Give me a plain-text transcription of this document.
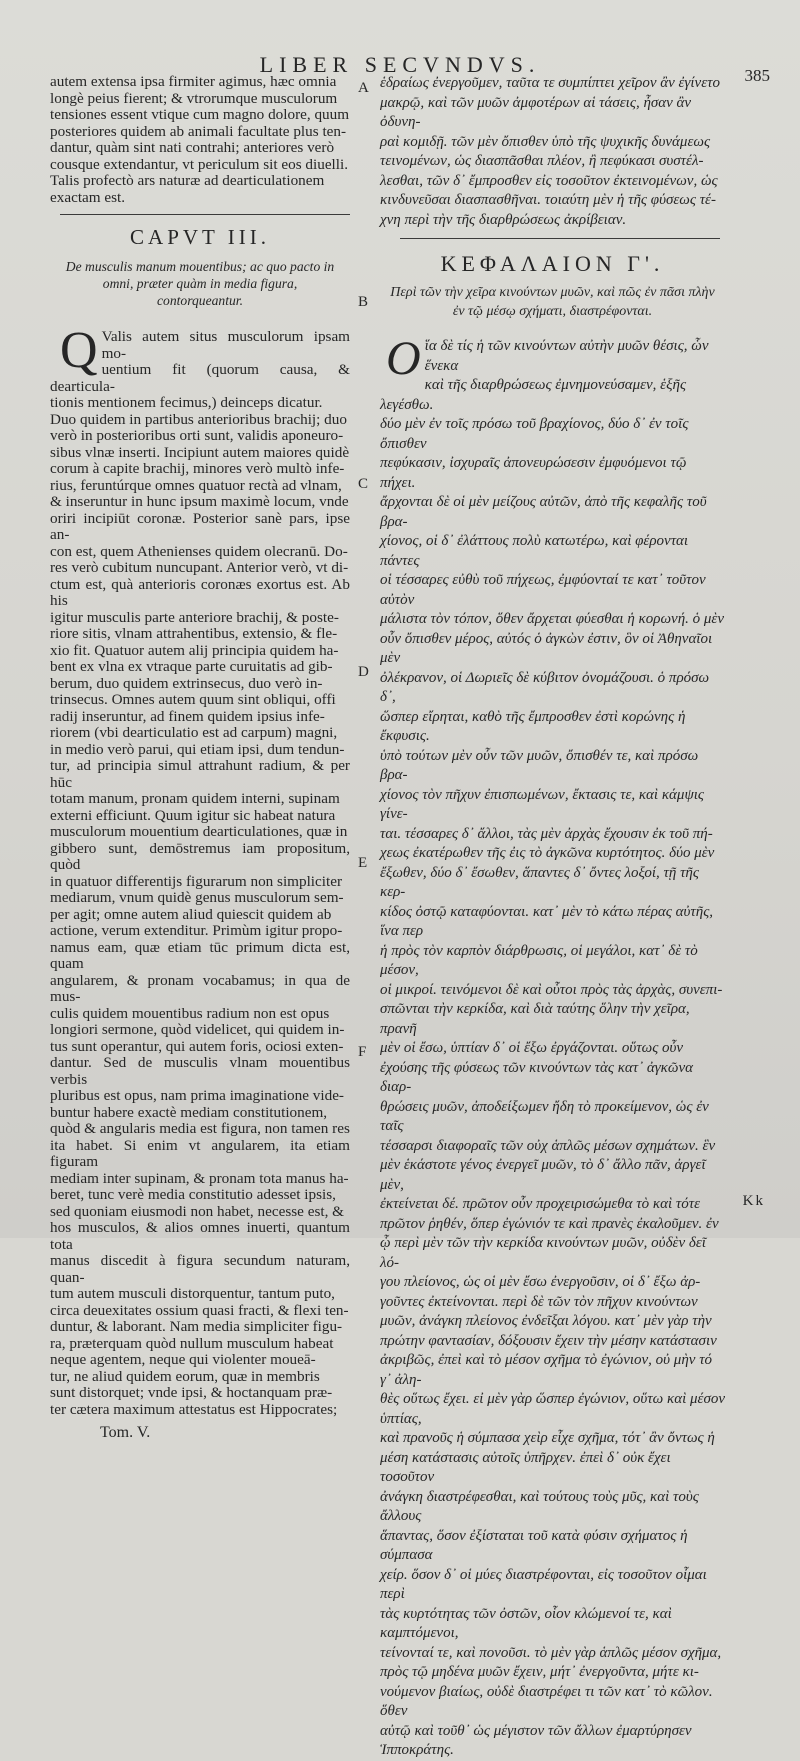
LIBER SECVNDVS.	385
A
B
C
D
E
F

autem extensa ipsa firmiter agimus, hæc omnia
longè peius fierent; & vtrorumque musculorum
tensiones essent vtique cum magno dolore, quum
posteriores quidem ab animali facultate plus ten-
dantur, quàm sint nati contrahi; anteriores verò
cousque extendantur, vt periculum sit eos diuelli.
Talis profectò ars naturæ ad dearticulationem
exactam est.

CAPVT III.
De musculis manum mouentibus; ac quo pacto in
omni, præter quàm in media figura,
contorqueantur.
Q Valis autem situs musculorum ipsam mo-
uentium fit (quorum causa, & dearticula-
tionis mentionem fecimus,) deinceps dicatur.
Duo quidem in partibus anterioribus brachij; duo
verò in posterioribus orti sunt, validis aponeuro-
sibus vlnæ inserti. Incipiunt autem maiores quidè
corum à capite brachij, minores verò multò infe-
rius, feruntúrque omnes quatuor rectà ad vlnam,
& inseruntur in hunc ipsum maximè locum, vnde
oriri incipiūt coronæ. Posterior sanè pars, ipse an-
con est, quem Athenienses quidem olecranū. Do-
res verò cubitum nuncupant. Anterior verò, vt di-
ctum est, quà anterioris coronæs exortus est. Ab his
igitur musculis parte anteriore brachij, & poste-
riore sitis, vlnam attrahentibus, extensio, & fle-
xio fit. Quatuor autem alij principia quidem ha-
bent ex vlna ex vtraque parte curuitatis ad gib-
berum, duo quidem extrinsecus, duo verò in-
trinsecus. Omnes autem quum sint obliqui, offi
radij inseruntur, ad finem quidem ipsius infe-
riorem (vbi dearticulatio est ad carpum) magni,
in medio verò parui, qui etiam ipsi, dum tendun-
tur, ad principia simul attrahunt radium, & per hūc
totam manum, pronam quidem interni, supinam
externi efficiunt. Quum igitur sic habeat natura
musculorum mouentium dearticulationes, quæ in
gibbero sunt, demōstremus iam propositum, quòd
in quatuor differentijs figurarum non simpliciter
mediarum, vnum quidè genus musculorum sem-
per agit; omne autem aliud quiescit quidem ab
actione, verum extenditur. Primùm igitur propo-
namus eam, quæ etiam tūc primum dicta est, quam
angularem, & pronam vocabamus; in qua de mus-
culis quidem mouentibus radium non est opus
longiori sermone, quòd videlicet, qui quidem in-
tus sunt operantur, qui autem foris, ociosi exten-
dantur. Sed de musculis vlnam mouentibus verbis
pluribus est opus, nam prima imaginatione vide-
buntur habere exactè mediam constitutionem,
quòd & angularis media est figura, non tamen res
ita habet. Si enim vt angularem, ita etiam figuram
mediam inter supinam, & pronam tota manus ha-
beret, tunc verè media constitutio adesset ipsis,
sed quoniam eiusmodi non habet, necesse est, &
hos musculos, & alios omnes inuerti, quantum tota
manus discedit à figura secundum naturam, quan-
tum autem musculi distorquentur, tantum puto,
circa deuexitates ossium quasi fracti, & flexi ten-
duntur, & laborant. Nam media simpliciter figu-
ra, præterquam quòd nullum musculum habeat
neque agentem, neque qui violenter moueā-
tur, ne aliud quidem eorum, quæ in membris
sunt distorquet; vnde ipsi, & hoctanquam præ-
ter cætera maximum attestatus est Hippocrates;

Tom. V.

ἑδραίως ἐνεργοῦμεν, ταῦτα τε συμπίπτει χεῖρον ἂν ἐγίνετο
μακρῷ, καὶ τῶν μυῶν ἀμφοτέρων αἱ τάσεις, ἦσαν ἂν ὀδυνη-
ραὶ κομιδῇ. τῶν μὲν ὄπισθεν ὑπὸ τῆς ψυχικῆς δυνάμεως
τεινομένων, ὡς διασπᾶσθαι πλέον, ἢ πεφύκασι συστέλ-
λεσθαι, τῶν δ᾽ ἔμπροσθεν εἰς τοσοῦτον ἐκτεινομένων, ὡς
κινδυνεῦσαι διασπασθῆναι. τοιαύτη μὲν ἡ τῆς φύσεως τέ-
χνη περὶ τὴν τῆς διαρθρώσεως ἀκρίβειαν.

ΚΕΦΑΛΑΙΟΝ Γ'.
Περὶ τῶν τὴν χεῖρα κινούντων μυῶν, καὶ πῶς ἐν πᾶσι πλὴν
ἐν τῷ μέσῳ σχήματι, διαστρέφονται.
Ο ἵα δὲ τίς ἡ τῶν κινούντων αὐτὴν μυῶν θέσις, ὧν ἕνεκα
καὶ τῆς διαρθρώσεως ἐμνημονεύσαμεν, ἑξῆς λεγέσθω.
δύο μὲν ἐν τοῖς πρόσω τοῦ βραχίονος, δύο δ᾽ ἐν τοῖς ὄπισθεν
πεφύκασιν, ἰσχυραῖς ἀπονευρώσεσιν ἐμφυόμενοι τῷ πήχει.
ἄρχονται δὲ οἱ μὲν μείζους αὐτῶν, ἀπὸ τῆς κεφαλῆς τοῦ βρα-
χίονος, οἱ δ᾽ ἐλάττους πολὺ κατωτέρω, καὶ φέρονται πάντες
οἱ τέσσαρες εὐθὺ τοῦ πήχεως, ἐμφύονταί τε κατ᾽ τοῦτον αὐτὸν
μάλιστα τὸν τόπον, ὅθεν ἄρχεται φύεσθαι ἡ κορωνή. ὁ μὲν
οὖν ὄπισθεν μέρος, αὐτός ὁ ἀγκὼν ἐστιν, ὃν οἱ Ἀθηναῖοι μὲν
ὀλέκρανον, οἱ Δωριεῖς δὲ κύβιτον ὀνομάζουσι. ὁ πρόσω δ᾽,
ὥσπερ εἴρηται, καθὸ τῆς ἔμπροσθεν ἐστὶ κορώνης ἡ ἔκφυσις.
ὑπὸ τούτων μὲν οὖν τῶν μυῶν, ὄπισθέν τε, καὶ πρόσω βρα-
χίονος τὸν πῆχυν ἐπισπωμένων, ἔκτασις τε, καὶ κάμψις γίνε-
ται. τέσσαρες δ᾽ ἄλλοι, τὰς μὲν ἀρχὰς ἔχουσιν ἐκ τοῦ πή-
χεως ἐκατέρωθεν τῆς ἐις τὸ ἀγκῶνα κυρτότητος. δύο μὲν
ἔξωθεν, δύο δ᾽ ἔσωθεν, ἅπαντες δ᾽ ὄντες λοξοί, τῇ τῆς κερ-
κίδος ὀστῷ καταφύονται. κατ᾽ μὲν τὸ κάτω πέρας αὐτῆς, ἵνα περ
ἡ πρὸς τὸν καρπὸν διάρθρωσις, οἱ μεγάλοι, κατ᾽ δὲ τὸ μέσον,
οἱ μικροί. τεινόμενοι δὲ καὶ οὗτοι πρὸς τὰς ἀρχὰς, συνεπι-
σπῶνται τὴν κερκίδα, καὶ διὰ ταύτης ὅλην τὴν χεῖρα, πρανῆ
μὲν οἱ ἔσω, ὑπτίαν δ᾽ οἱ ἔξω ἐργάζονται. οὕτως οὖν
ἐχούσης τῆς φύσεως τῶν κινούντων τὰς κατ᾽ ἀγκῶνα διαρ-
θρώσεις μυῶν, ἀποδείξωμεν ἤδη τὸ προκείμενον, ὡς ἐν ταῖς
τέσσαρσι διαφοραῖς τῶν οὐχ ἁπλῶς μέσων σχημάτων. ἓν
μὲν ἑκάστοτε γένος ἐνεργεῖ μυῶν, τὸ δ᾽ ἄλλο πᾶν, ἀργεῖ μὲν,
ἐκτείνεται δέ. πρῶτον οὖν προχειρισώμεθα τὸ καὶ τότε
πρῶτον ῥηθέν, ὅπερ ἐγώνιόν τε καὶ πρανὲς ἐκαλοῦμεν. ἐν
ᾧ περὶ μὲν τῶν τὴν κερκίδα κινούντων μυῶν, οὐδὲν δεῖ λό-
γου πλείονος, ὡς οἱ μὲν ἔσω ἐνεργοῦσιν, οἱ δ᾽ ἔξω ἀρ-
γοῦντες ἐκτείνονται. περὶ δὲ τῶν τὸν πῆχυν κινούντων
μυῶν, ἀνάγκη πλείονος ἐνδεῖξαι λόγου. κατ᾽ μὲν γὰρ τὴν
πρώτην φαντασίαν, δόξουσιν ἔχειν τὴν μέσην κατάστασιν
ἀκριβῶς, ἐπεὶ καὶ τὸ μέσον σχῆμα τὸ ἐγώνιον, οὐ μὴν τό γ᾽ ἀλη-
θὲς οὕτως ἔχει. εἰ μὲν γὰρ ὥσπερ ἐγώνιον, οὕτω καὶ μέσον ὑπτίας,
καὶ πρανοῦς ἡ σύμπασα χεὶρ εἶχε σχῆμα, τότ᾽ ἂν ὄντως ἡ
μέση κατάστασις αὐτοῖς ὑπῆρχεν. ἐπεὶ δ᾽ οὐκ ἔχει τοσοῦτον
ἀνάγκη διαστρέφεσθαι, καὶ τούτους τοὺς μῦς, καὶ τοὺς ἄλλους
ἅπαντας, ὅσον ἐξίσταται τοῦ κατὰ φύσιν σχήματος ἡ σύμπασα
χείρ. ὅσον δ᾽ οἱ μύες διαστρέφονται, εἰς τοσοῦτον οἶμαι περὶ
τὰς κυρτότητας τῶν ὀστῶν, οἷον κλώμενοί τε, καὶ καμπτόμενοι,
τείνονταί τε, καὶ πονοῦσι. τὸ μὲν γὰρ ἁπλῶς μέσον σχῆμα,
πρὸς τῷ μηδένα μυῶν ἔχειν, μήτ᾽ ἐνεργοῦντα, μήτε κι-
νούμενον βιαίως, οὐδὲ διαστρέφει τι τῶν κατ᾽ τὸ κῶλον. ὅθεν
αὐτῷ καὶ τοῦθ᾽ ὡς μέγιστον τῶν ἄλλων ἐμαρτύρησεν Ἱπποκράτης.

Kk
